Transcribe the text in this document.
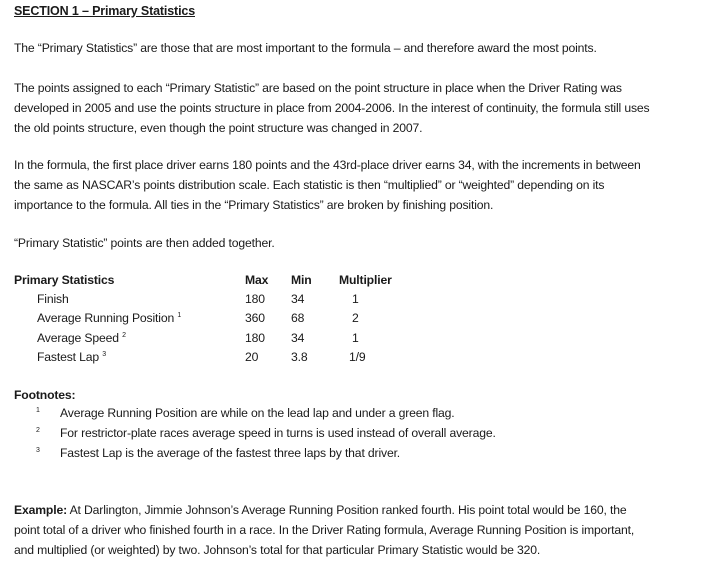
SECTION 1 – Primary Statistics
The “Primary Statistics” are those that are most important to the formula – and therefore award the most points.
The points assigned to each “Primary Statistic” are based on the point structure in place when the Driver Rating was
developed in 2005 and use the points structure in place from 2004-2006. In the interest of continuity, the formula still uses
the old points structure, even though the point structure was changed in 2007.
In the formula, the first place driver earns 180 points and the 43rd-place driver earns 34, with the increments in between
the same as NASCAR’s points distribution scale. Each statistic is then “multiplied” or “weighted” depending on its
importance to the formula. All ties in the “Primary Statistics” are broken by finishing position.
“Primary Statistic” points are then added together.
Primary Statistics	Max Min Multiplier
Finish	180 34	1
Average Running Position $^1$	360 68	2
Average Speed $^2$	180 34	1
Fastest Lap $^3$	20	3.8	1/9
Footnotes:
1 Average Running Position are while on the lead lap and under a green flag.
2 For restrictor-plate races average speed in turns is used instead of overall average.
3 Fastest Lap is the average of the fastest three laps by that driver.
Example: At Darlington, Jimmie Johnson’s Average Running Position ranked fourth. His point total would be 160, the
point total of a driver who finished fourth in a race. In the Driver Rating formula, Average Running Position is important,
and multiplied (or weighted) by two. Johnson’s total for that particular Primary Statistic would be 320.
